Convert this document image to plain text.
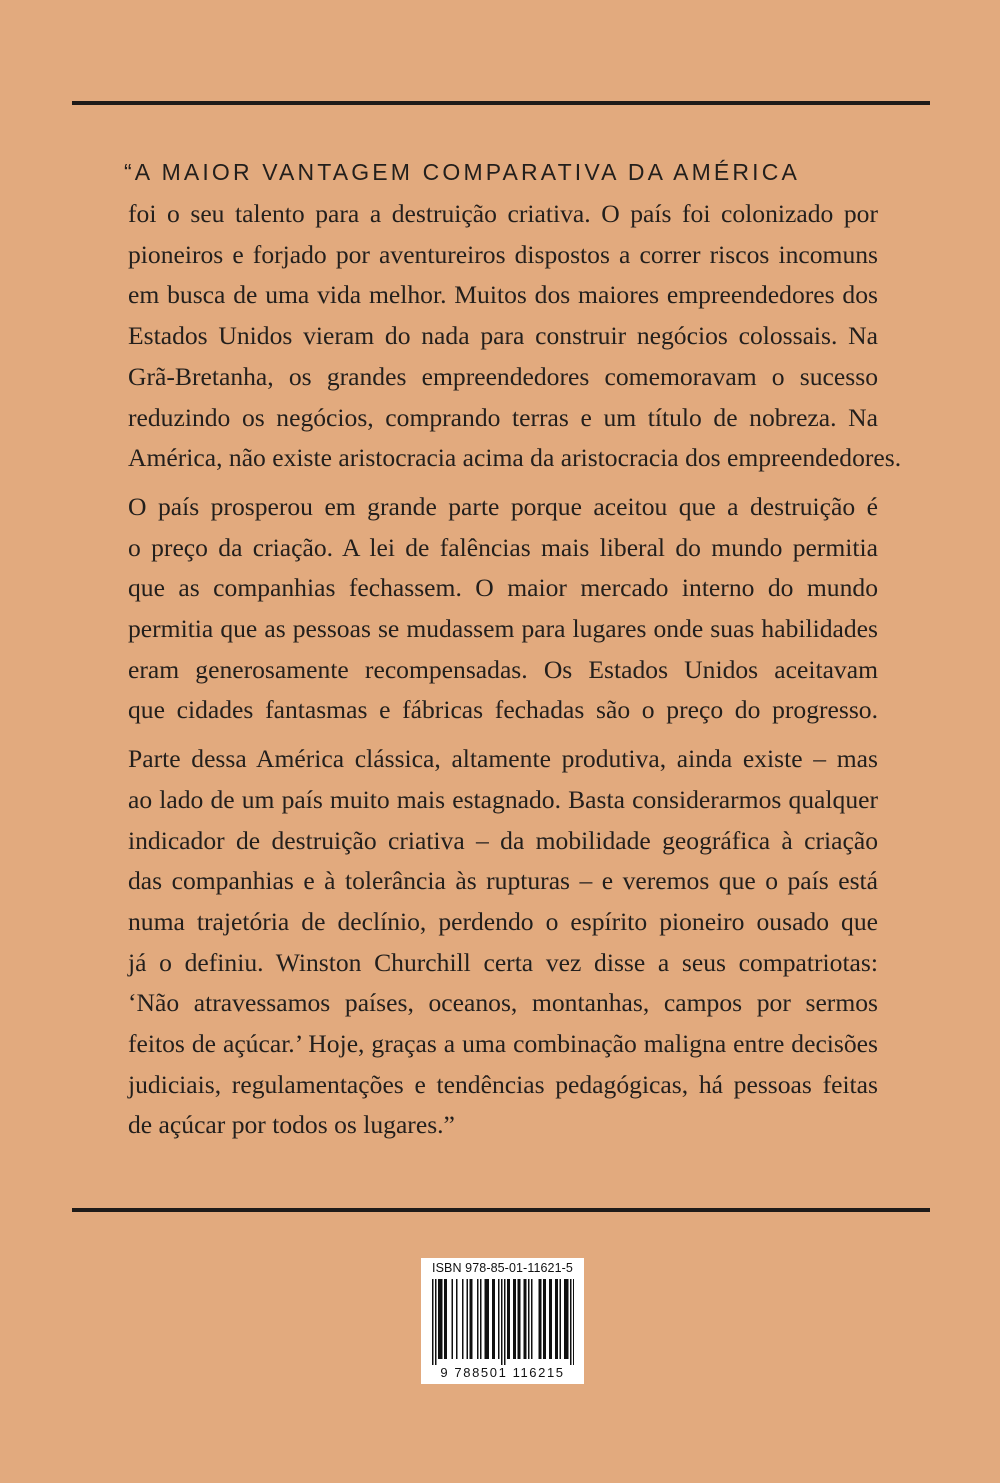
“A MAIOR VANTAGEM COMPARATIVA DA AMÉRICA

foi o seu talento para a destruição criativa. O país foi colonizado por
pioneiros e forjado por aventureiros dispostos a correr riscos incomuns
em busca de uma vida melhor. Muitos dos maiores empreendedores dos
Estados Unidos vieram do nada para construir negócios colossais. Na
Grã-Bretanha, os grandes empreendedores comemoravam o sucesso
reduzindo os negócios, comprando terras e um título de nobreza. Na
América, não existe aristocracia acima da aristocracia dos empreendedores.

O país prosperou em grande parte porque aceitou que a destruição é
o preço da criação. A lei de falências mais liberal do mundo permitia
que as companhias fechassem. O maior mercado interno do mundo
permitia que as pessoas se mudassem para lugares onde suas habilidades
eram generosamente recompensadas. Os Estados Unidos aceitavam
que cidades fantasmas e fábricas fechadas são o preço do progresso.

Parte dessa América clássica, altamente produtiva, ainda existe – mas
ao lado de um país muito mais estagnado. Basta considerarmos qualquer
indicador de destruição criativa – da mobilidade geográfica à criação
das companhias e à tolerância às rupturas – e veremos que o país está
numa trajetória de declínio, perdendo o espírito pioneiro ousado que
já o definiu. Winston Churchill certa vez disse a seus compatriotas:
‘Não atravessamos países, oceanos, montanhas, campos por sermos
feitos de açúcar.’ Hoje, graças a uma combinação maligna entre decisões
judiciais, regulamentações e tendências pedagógicas, há pessoas feitas
de açúcar por todos os lugares.”

ISBN 978-85-01-11621-5
9 788501 116215
